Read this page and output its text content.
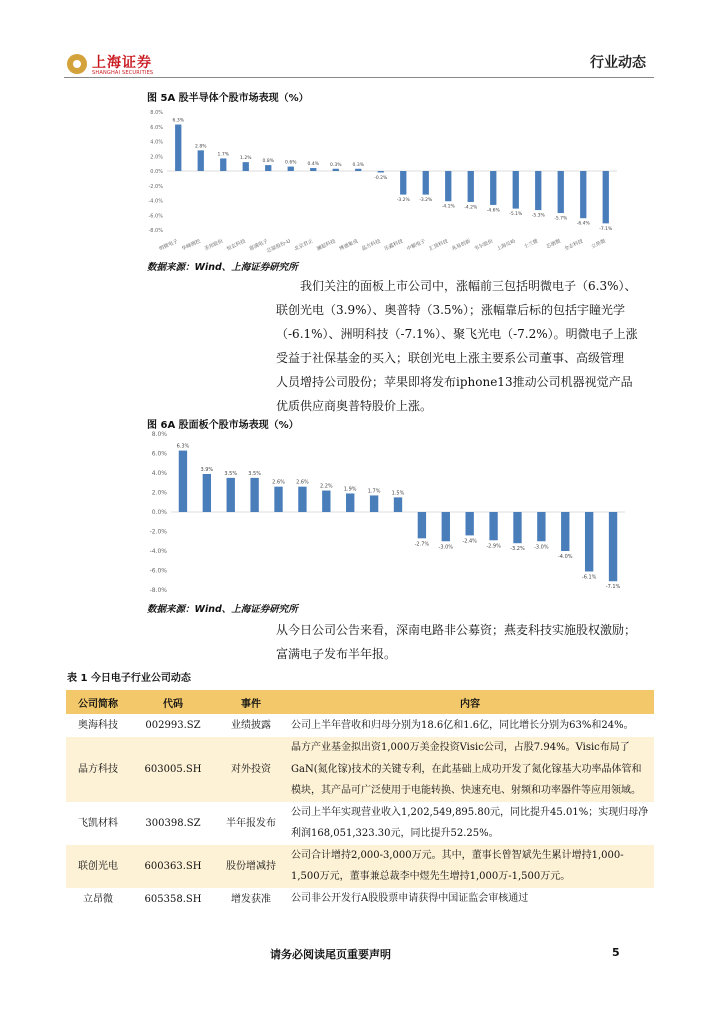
上海证券
SHANGHAI SECURITIES
行业动态
图 5A 股半导体个股市场表现（%）
8.0%
6.0%
4.0%
2.0%
0.0%
-2.0%
-4.0%
-6.0%
-8.0%
6.3%
明微电子
2.8%
华峰测控
1.7%
圣邦股份
1.2%
恒玄科技
0.8%
富满电子
0.6%
芯原股份-U
0.4%
北京君正
0.3%
澜起科技
0.3%
博通集成
-0.2%
晶方科技
-3.2%
乐鑫科技
-3.2%
中颖电子
-4.1%
汇顶科技
-4.2%
兆易创新
-4.6%
韦尔股份
-5.1%
上海贝岭
-5.3%
士兰微
-5.7%
芯朋微
-6.4%
全志科技
-7.1%
立昂微
数据来源：Wind、上海证券研究所
我们关注的面板上市公司中，涨幅前三包括明微电子（6.3%）、
联创光电（3.9%）、奥普特（3.5%）；涨幅靠后标的包括宇瞳光学
（-6.1%）、洲明科技（-7.1%）、聚飞光电（-7.2%）。明微电子上涨
受益于社保基金的买入；联创光电上涨主要系公司董事、高级管理
人员增持公司股份；苹果即将发布iphone13推动公司机器视觉产品
优质供应商奥普特股价上涨。
图 6A 股面板个股市场表现（%）
8.0%
6.0%
4.0%
2.0%
0.0%
-2.0%
-4.0%
-6.0%
-8.0%
6.3%
3.9%
3.5% 3.5%
2.6% 2.6%
2.2% 1.9% 1.7% 1.5%
-2.7% -3.0%
-2.4%
-2.9% -3.2% -3.0%
-4.0%
-6.1%
-7.1%
数据来源：Wind、上海证券研究所
从今日公司公告来看，深南电路非公募资；燕麦科技实施股权激励；
富满电子发布半年报。
表 1 今日电子行业公司动态
公司简称	代码	事件	内容
奥海科技	002993.SZ	业绩披露	公司上半年营收和归母分别为18.6亿和1.6亿，同比增长分别为63%和24%。
晶方科技	603005.SH	对外投资	晶方产业基金拟出资1,000万美金投资Visic公司，占股7.94%。Visic布局了GaN(氮化镓)技术的关键专利，在此基础上成功开发了氮化镓基大功率晶体管和模块，其产品可广泛使用于电能转换、快速充电、射频和功率器件等应用领域。
飞凯材料	300398.SZ	半年报发布	公司上半年实现营业收入1,202,549,895.80元，同比提升45.01%；实现归母净利润168,051,323.30元，同比提升52.25%。
联创光电	600363.SH	股份增减持	公司合计增持2,000-3,000万元。其中，董事长曾智斌先生累计增持1,000-1,500万元，董事兼总裁李中煜先生增持1,000万-1,500万元。
立昂微	605358.SH	增发获准	公司非公开发行A股股票申请获得中国证监会审核通过
请务必阅读尾页重要声明	5
